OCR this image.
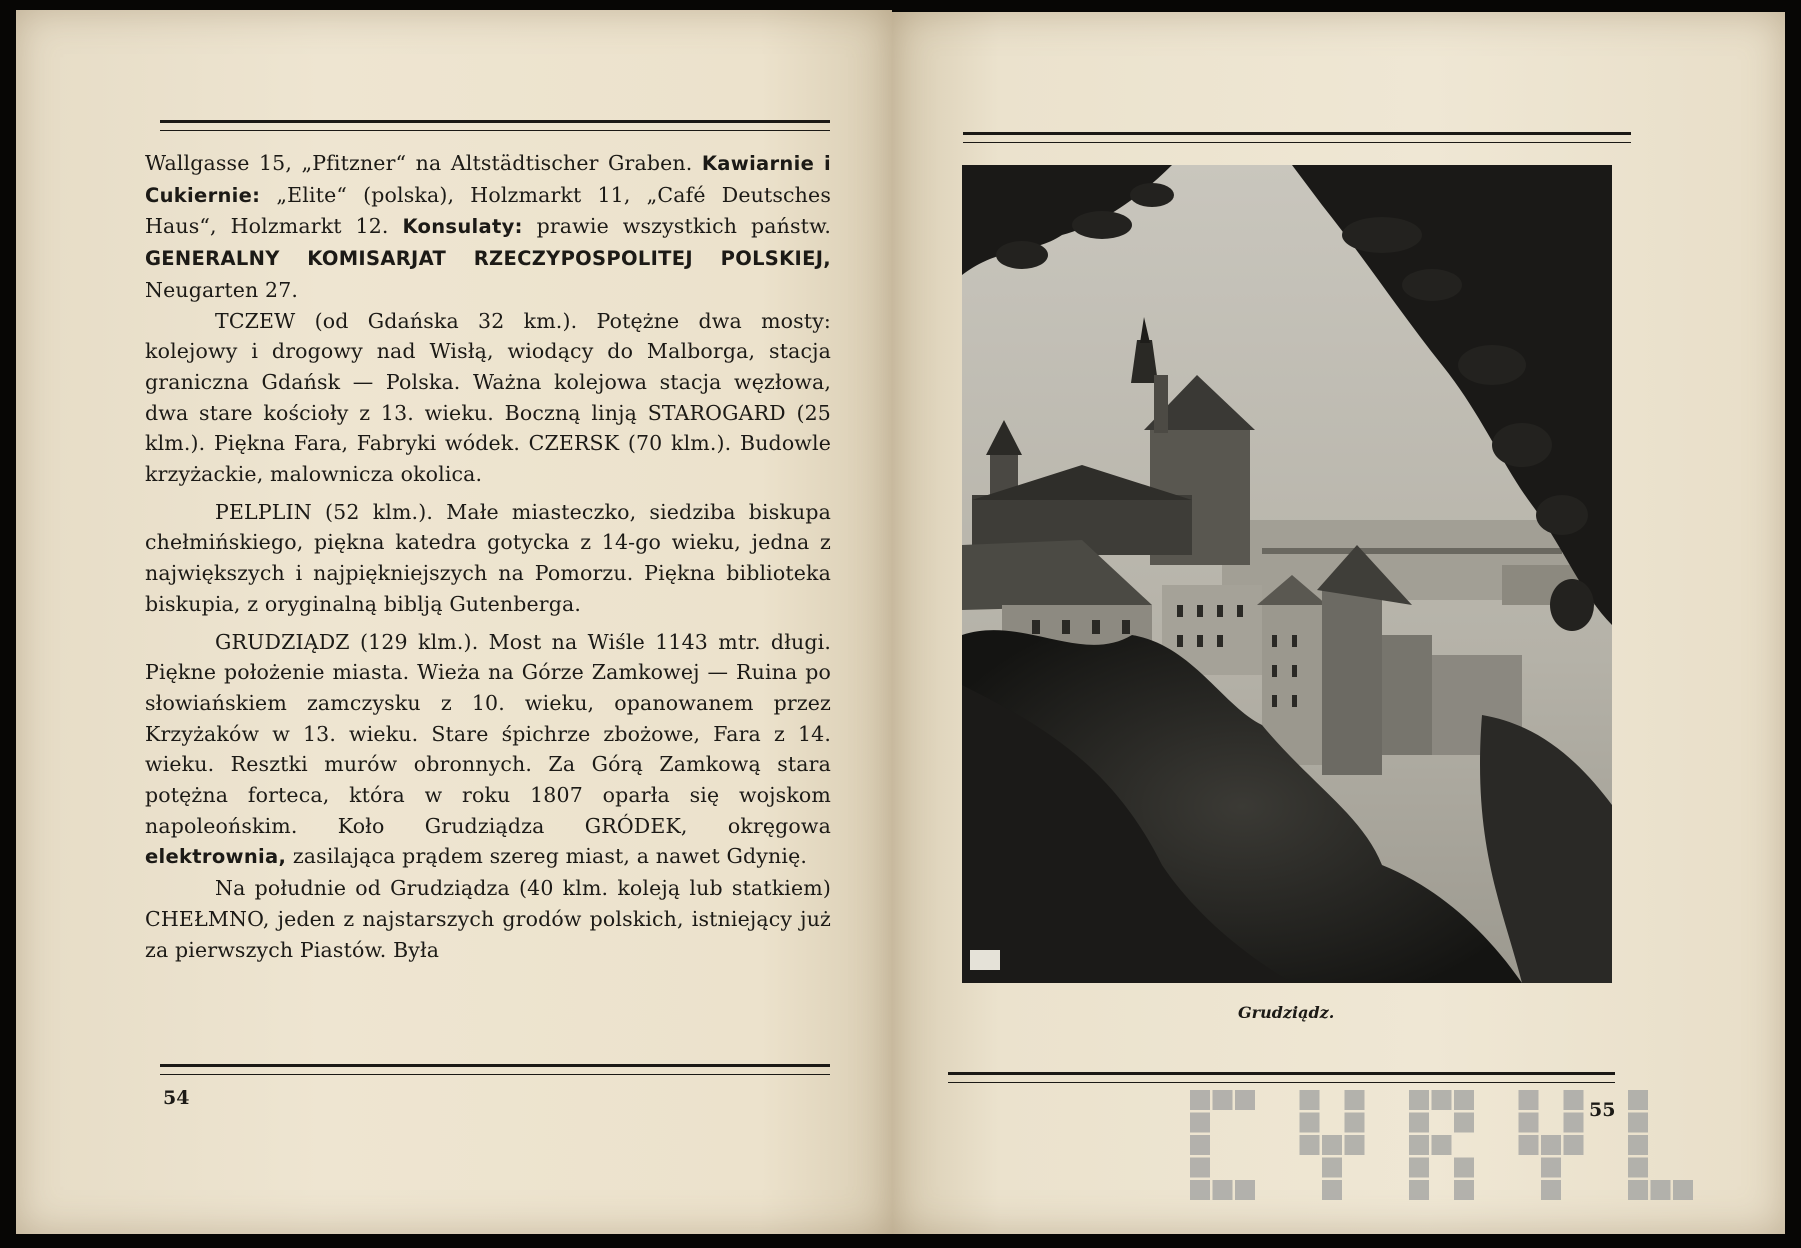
Wallgasse 15, „Pfitzner“ na Altstädtischer Graben. Kawiarnie i Cukiernie: „Elite“ (polska), Holzmarkt 11, „Café Deutsches Haus“, Holzmarkt 12. Konsulaty: prawie wszystkich państw. GENERALNY KOMISARJAT RZECZYPOSPOLITEJ POLSKIEJ, Neugarten 27.

TCZEW (od Gdańska 32 km.). Potężne dwa mosty: kolejowy i drogowy nad Wisłą, wiodący do Malborga, stacja graniczna Gdańsk — Polska. Ważna kolejowa stacja węzłowa, dwa stare kościoły z 13. wieku. Boczną linją STAROGARD (25 klm.). Piękna Fara, Fabryki wódek. CZERSK (70 klm.). Budowle krzyżackie, malownicza okolica.

PELPLIN (52 klm.). Małe miasteczko, siedziba biskupa chełmińskiego, piękna katedra gotycka z 14-go wieku, jedna z największych i najpiękniejszych na Pomorzu. Piękna biblioteka biskupia, z oryginalną biblją Gutenberga.

GRUDZIĄDZ (129 klm.). Most na Wiśle 1143 mtr. długi. Piękne położenie miasta. Wieża na Górze Zamkowej — Ruina po słowiańskiem zamczysku z 10. wieku, opanowanem przez Krzyżaków w 13. wieku. Stare śpichrze zbożowe, Fara z 14. wieku. Resztki murów obronnych. Za Górą Zamkową stara potężna forteca, która w roku 1807 oparła się wojskom napoleońskim. Koło Grudziądza GRÓDEK, okręgowa elektrownia, zasilająca prądem szereg miast, a nawet Gdynię.

Na południe od Grudziądza (40 klm. koleją lub statkiem) CHEŁMNO, jeden z najstarszych grodów polskich, istniejący już za pierwszych Piastów. Była

54
Grudziądz.
55
